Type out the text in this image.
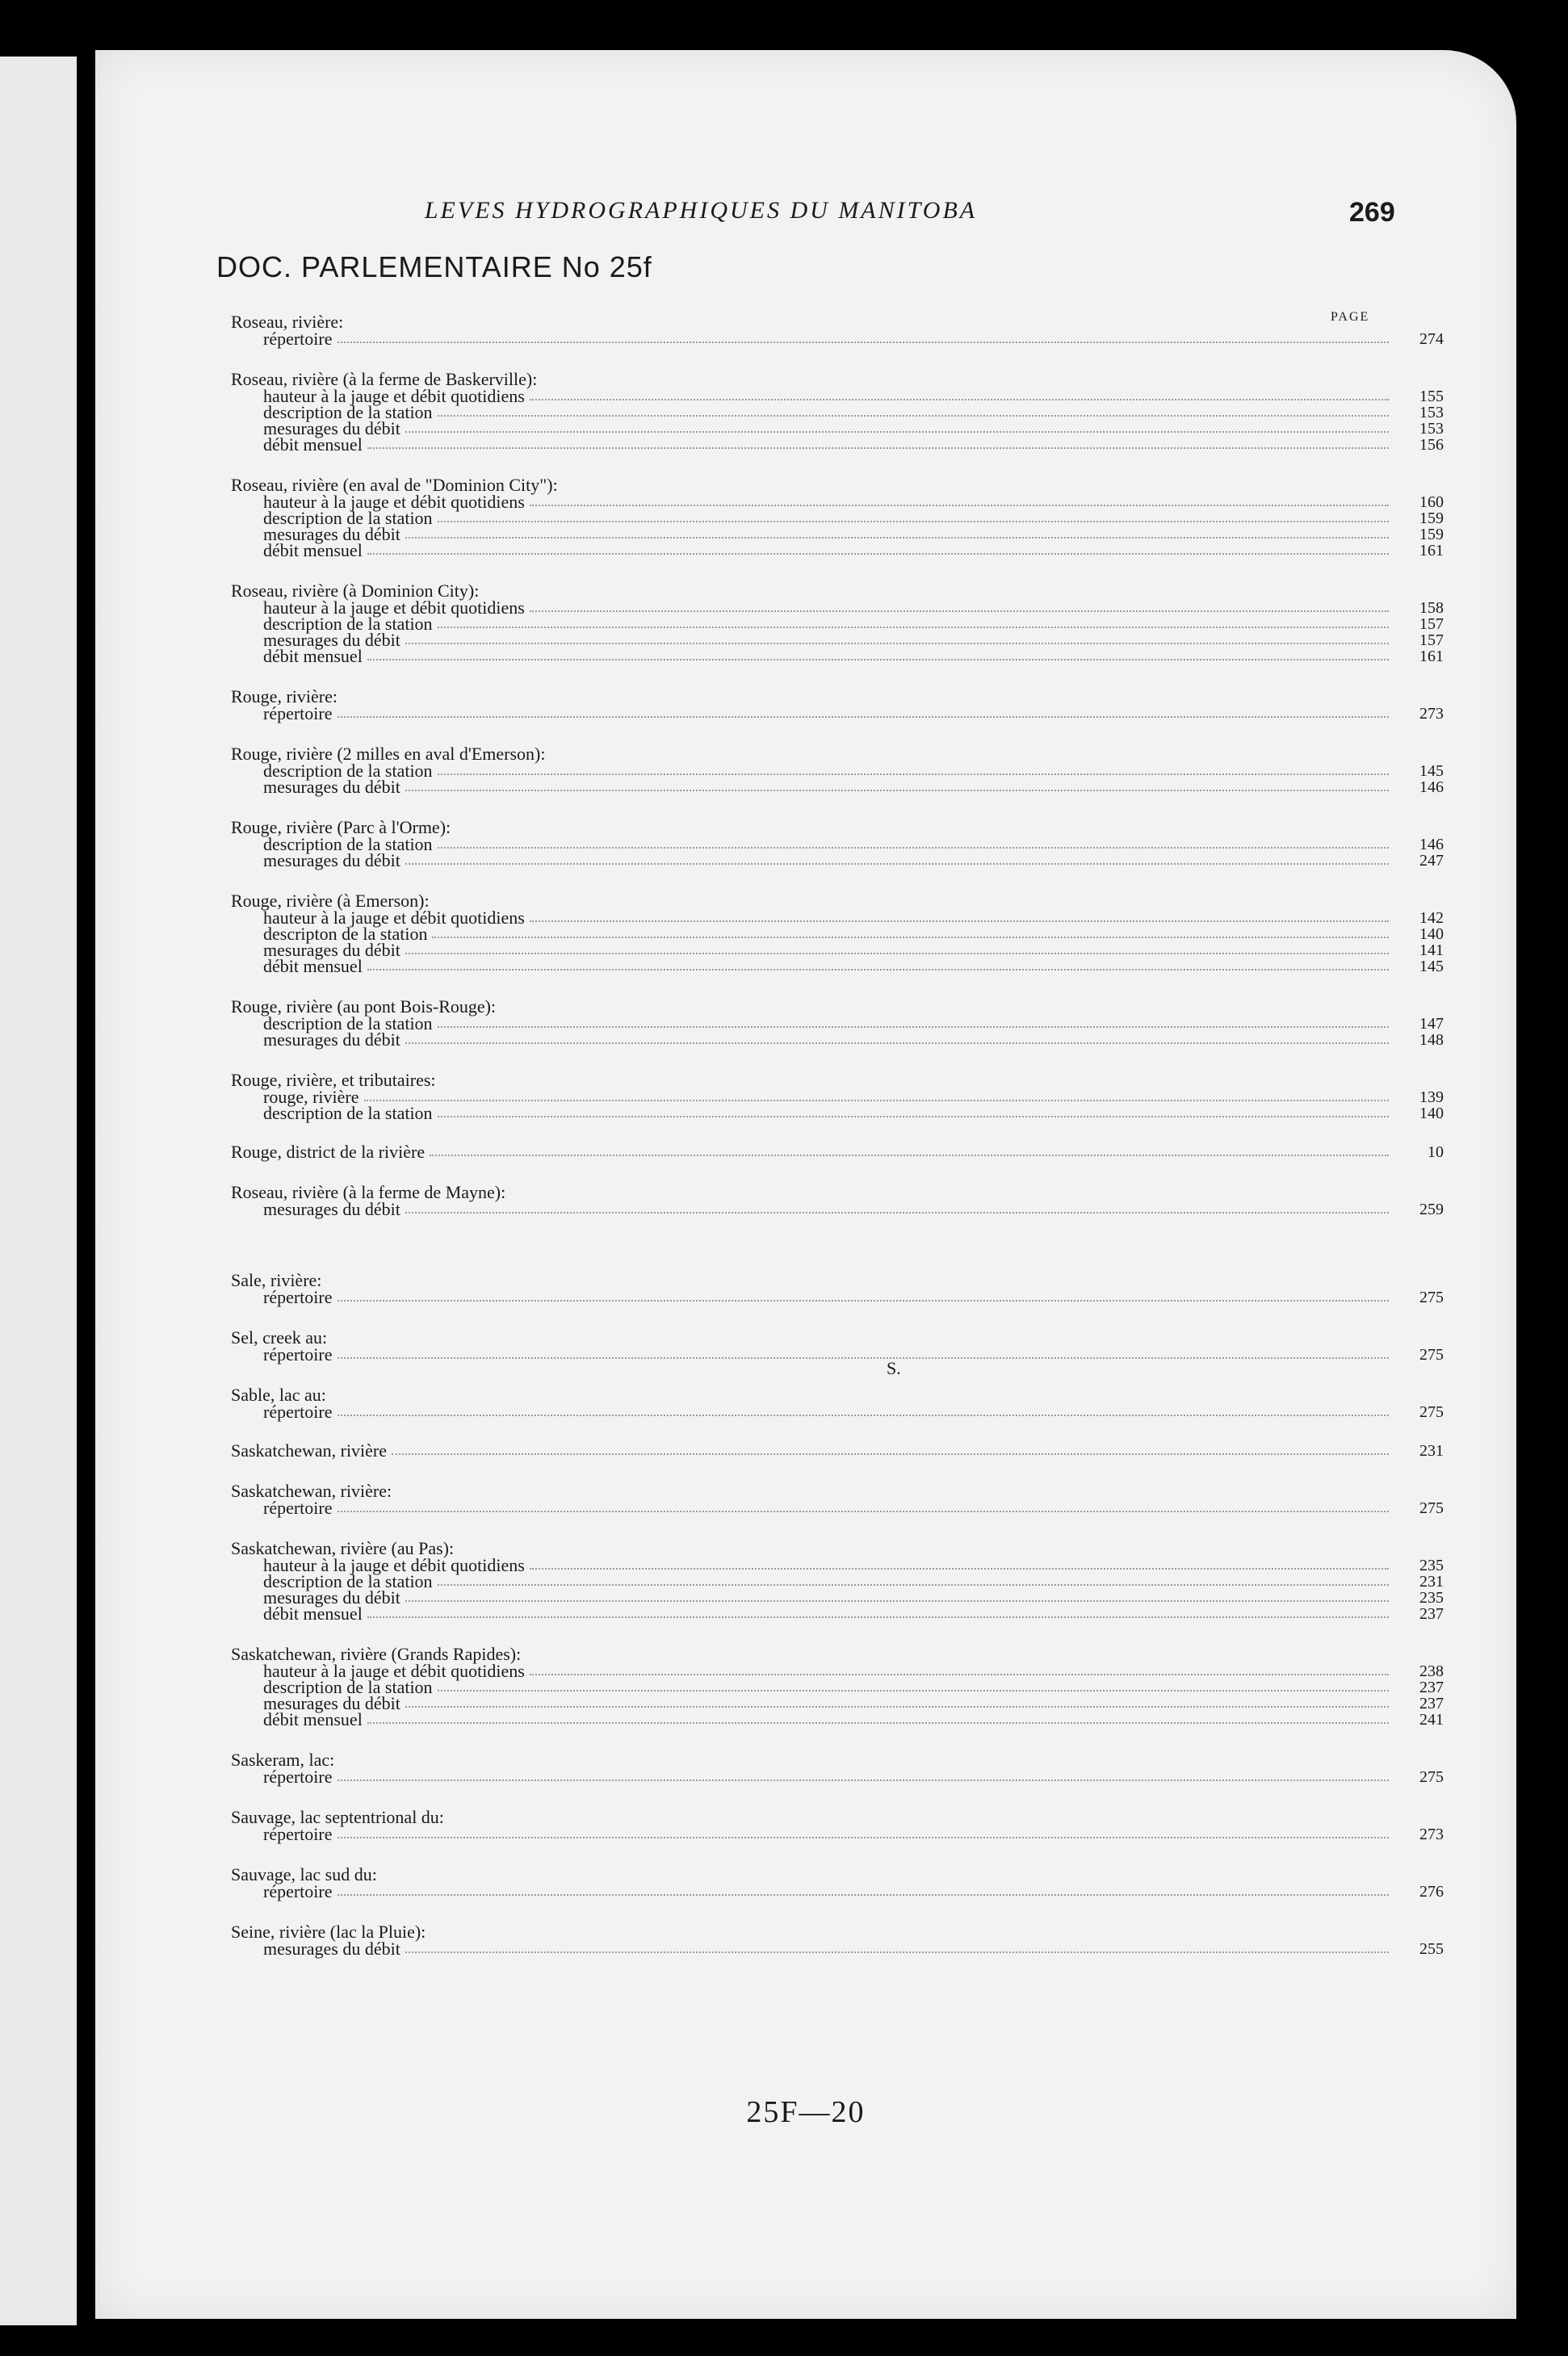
LEVES HYDROGRAPHIQUES DU MANITOBA	269
DOC. PARLEMENTAIRE No 25f
PAGE
Roseau, rivière:
répertoire	274
Roseau, rivière (à la ferme de Baskerville):
hauteur à la jauge et débit quotidiens	155
description de la station	153
mesurages du débit	153
débit mensuel	156
Roseau, rivière (en aval de "Dominion City"):
hauteur à la jauge et débit quotidiens	160
description de la station	159
mesurages du débit	159
débit mensuel	161
Roseau, rivière (à Dominion City):
hauteur à la jauge et débit quotidiens	158
description de la station	157
mesurages du débit	157
débit mensuel	161
Rouge, rivière:
répertoire	273
Rouge, rivière (2 milles en aval d'Emerson):
description de la station	145
mesurages du débit	146
Rouge, rivière (Parc à l'Orme):
description de la station	146
mesurages du débit	247
Rouge, rivière (à Emerson):
hauteur à la jauge et débit quotidiens	142
descripton de la station	140
mesurages du débit	141
débit mensuel	145
Rouge, rivière (au pont Bois-Rouge):
description de la station	147
mesurages du débit	148
Rouge, rivière, et tributaires:
rouge, rivière	139
description de la station	140
Rouge, district de la rivière	10
Roseau, rivière (à la ferme de Mayne):
mesurages du débit	259
Sale, rivière:
répertoire	275
Sel, creek au:
répertoire	275
Sable, lac au:
répertoire	275
Saskatchewan, rivière	231
Saskatchewan, rivière:
répertoire	275
Saskatchewan, rivière (au Pas):
hauteur à la jauge et débit quotidiens	235
description de la station	231
mesurages du débit	235
débit mensuel	237
Saskatchewan, rivière (Grands Rapides):
hauteur à la jauge et débit quotidiens	238
description de la station	237
mesurages du débit	237
débit mensuel	241
Saskeram, lac:
répertoire	275
Sauvage, lac septentrional du:
répertoire	273
Sauvage, lac sud du:
répertoire	276
Seine, rivière (lac la Pluie):
mesurages du débit	255
S.
25F—20
